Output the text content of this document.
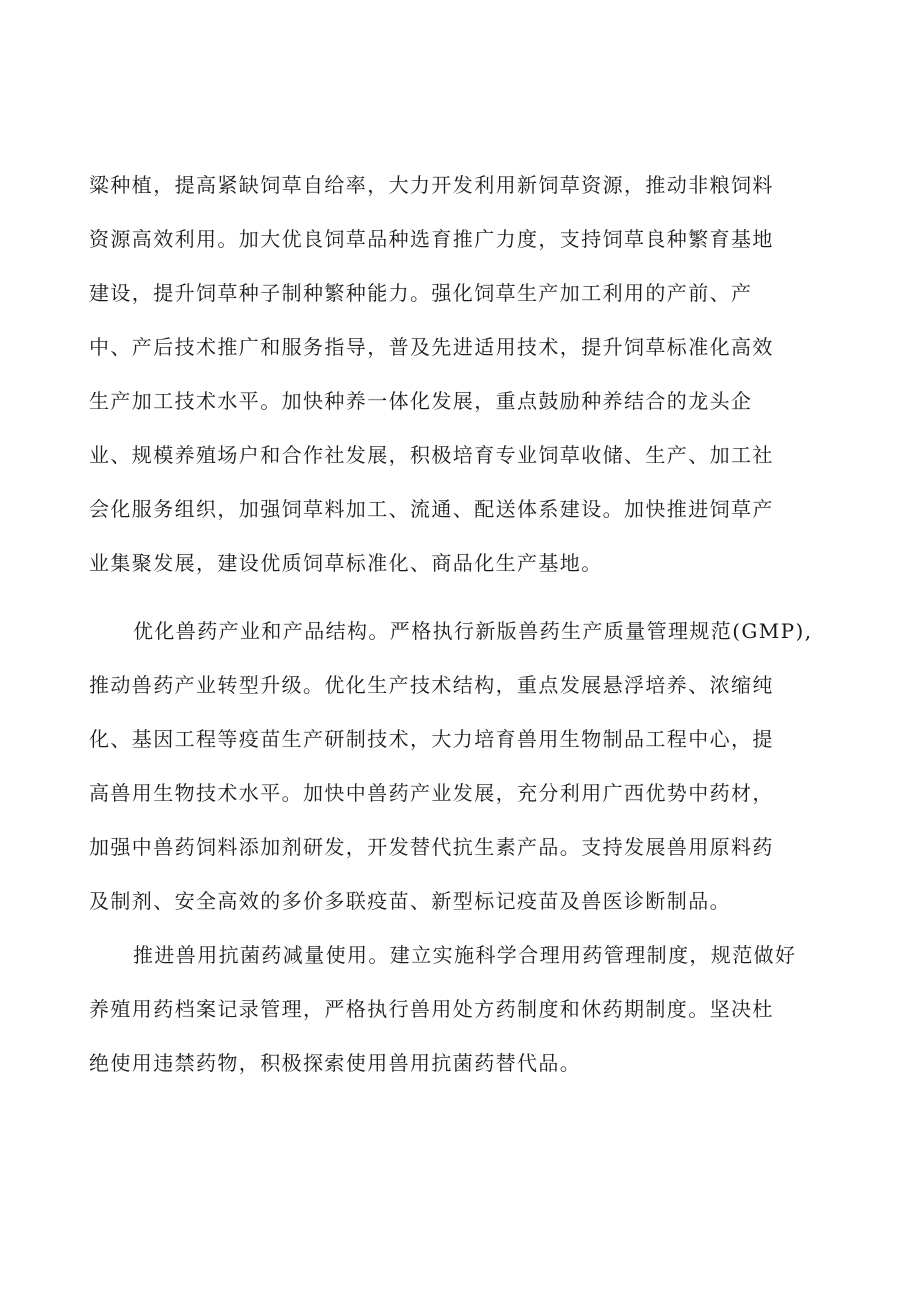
粱种植，提高紧缺饲草自给率，大力开发利用新饲草资源，推动非粮饲料
资源高效利用。加大优良饲草品种选育推广力度，支持饲草良种繁育基地
建设，提升饲草种子制种繁种能力。强化饲草生产加工利用的产前、产
中、产后技术推广和服务指导，普及先进适用技术，提升饲草标准化高效
生产加工技术水平。加快种养一体化发展，重点鼓励种养结合的龙头企
业、规模养殖场户和合作社发展，积极培育专业饲草收储、生产、加工社
会化服务组织，加强饲草料加工、流通、配送体系建设。加快推进饲草产
业集聚发展，建设优质饲草标准化、商品化生产基地。
优化兽药产业和产品结构。严格执行新版兽药生产质量管理规范(GMP),
推动兽药产业转型升级。优化生产技术结构，重点发展悬浮培养、浓缩纯
化、基因工程等疫苗生产研制技术，大力培育兽用生物制品工程中心，提
高兽用生物技术水平。加快中兽药产业发展，充分利用广西优势中药材，
加强中兽药饲料添加剂研发，开发替代抗生素产品。支持发展兽用原料药
及制剂、安全高效的多价多联疫苗、新型标记疫苗及兽医诊断制品。
推进兽用抗菌药减量使用。建立实施科学合理用药管理制度，规范做好
养殖用药档案记录管理，严格执行兽用处方药制度和休药期制度。坚决杜
绝使用违禁药物，积极探索使用兽用抗菌药替代品。
